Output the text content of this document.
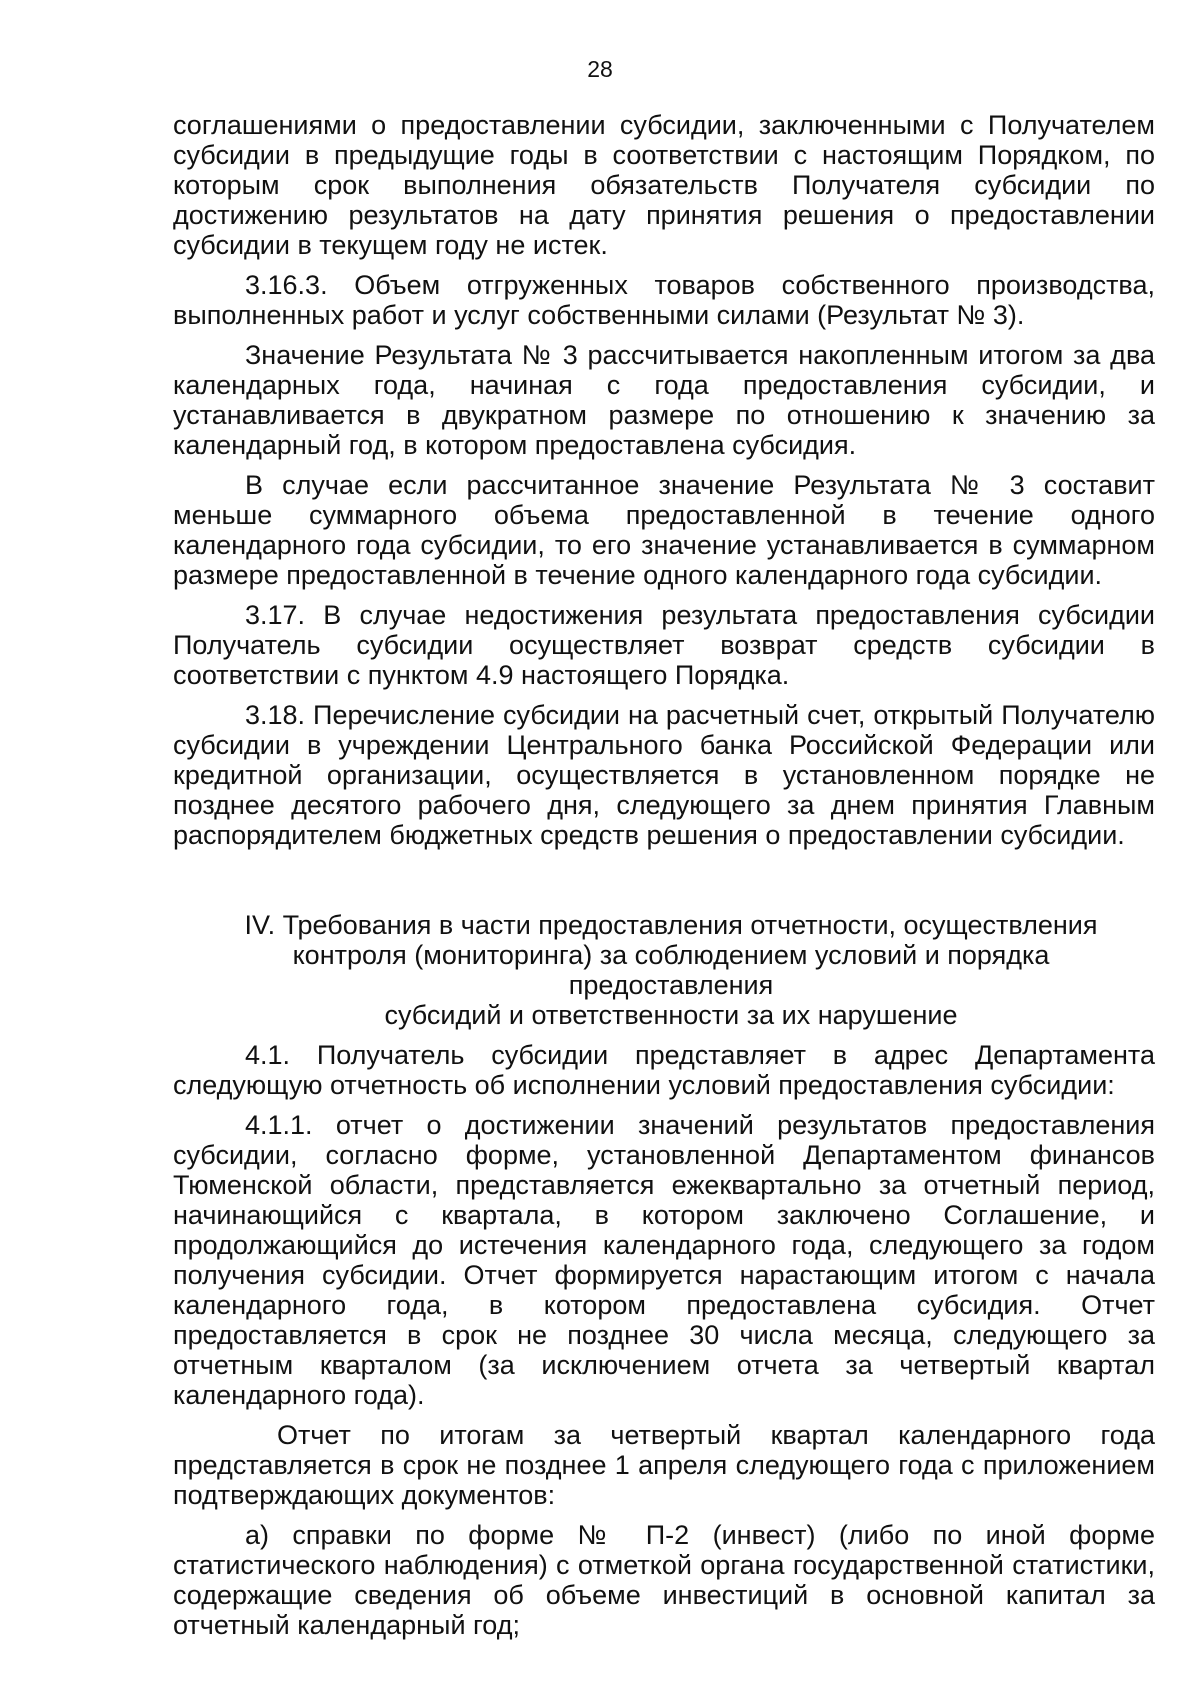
28

соглашениями о предоставлении субсидии, заключенными с Получателем субсидии в предыдущие годы в соответствии с настоящим Порядком, по которым срок выполнения обязательств Получателя субсидии по достижению результатов на дату принятия решения о предоставлении субсидии в текущем году не истек.

3.16.3. Объем отгруженных товаров собственного производства, выполненных работ и услуг собственными силами (Результат № 3).

Значение Результата № 3 рассчитывается накопленным итогом за два календарных года, начиная с года предоставления субсидии, и устанавливается в двукратном размере по отношению к значению за календарный год, в котором предоставлена субсидия.

В случае если рассчитанное значение Результата № 3 составит меньше суммарного объема предоставленной в течение одного календарного года субсидии, то его значение устанавливается в суммарном размере предоставленной в течение одного календарного года субсидии.

3.17. В случае недостижения результата предоставления субсидии Получатель субсидии осуществляет возврат средств субсидии в соответствии с пунктом 4.9 настоящего Порядка.

3.18. Перечисление субсидии на расчетный счет, открытый Получателю субсидии в учреждении Центрального банка Российской Федерации или кредитной организации, осуществляется в установленном порядке не позднее десятого рабочего дня, следующего за днем принятия Главным распорядителем бюджетных средств решения о предоставлении субсидии.

IV. Требования в части предоставления отчетности, осуществления
контроля (мониторинга) за соблюдением условий и порядка предоставления
субсидий и ответственности за их нарушение

4.1. Получатель субсидии представляет в адрес Департамента следующую отчетность об исполнении условий предоставления субсидии:

4.1.1. отчет о достижении значений результатов предоставления субсидии, согласно форме, установленной Департаментом финансов Тюменской области, представляется ежеквартально за отчетный период, начинающийся с квартала, в котором заключено Соглашение, и продолжающийся до истечения календарного года, следующего за годом получения субсидии. Отчет формируется нарастающим итогом с начала календарного года, в котором предоставлена субсидия. Отчет предоставляется в срок не позднее 30 числа месяца, следующего за отчетным кварталом (за исключением отчета за четвертый квартал календарного года).

Отчет по итогам за четвертый квартал календарного года представляется в срок не позднее 1 апреля следующего года с приложением подтверждающих документов:

а) справки по форме № П-2 (инвест) (либо по иной форме статистического наблюдения) с отметкой органа государственной статистики, содержащие сведения об объеме инвестиций в основной капитал за отчетный календарный год;
